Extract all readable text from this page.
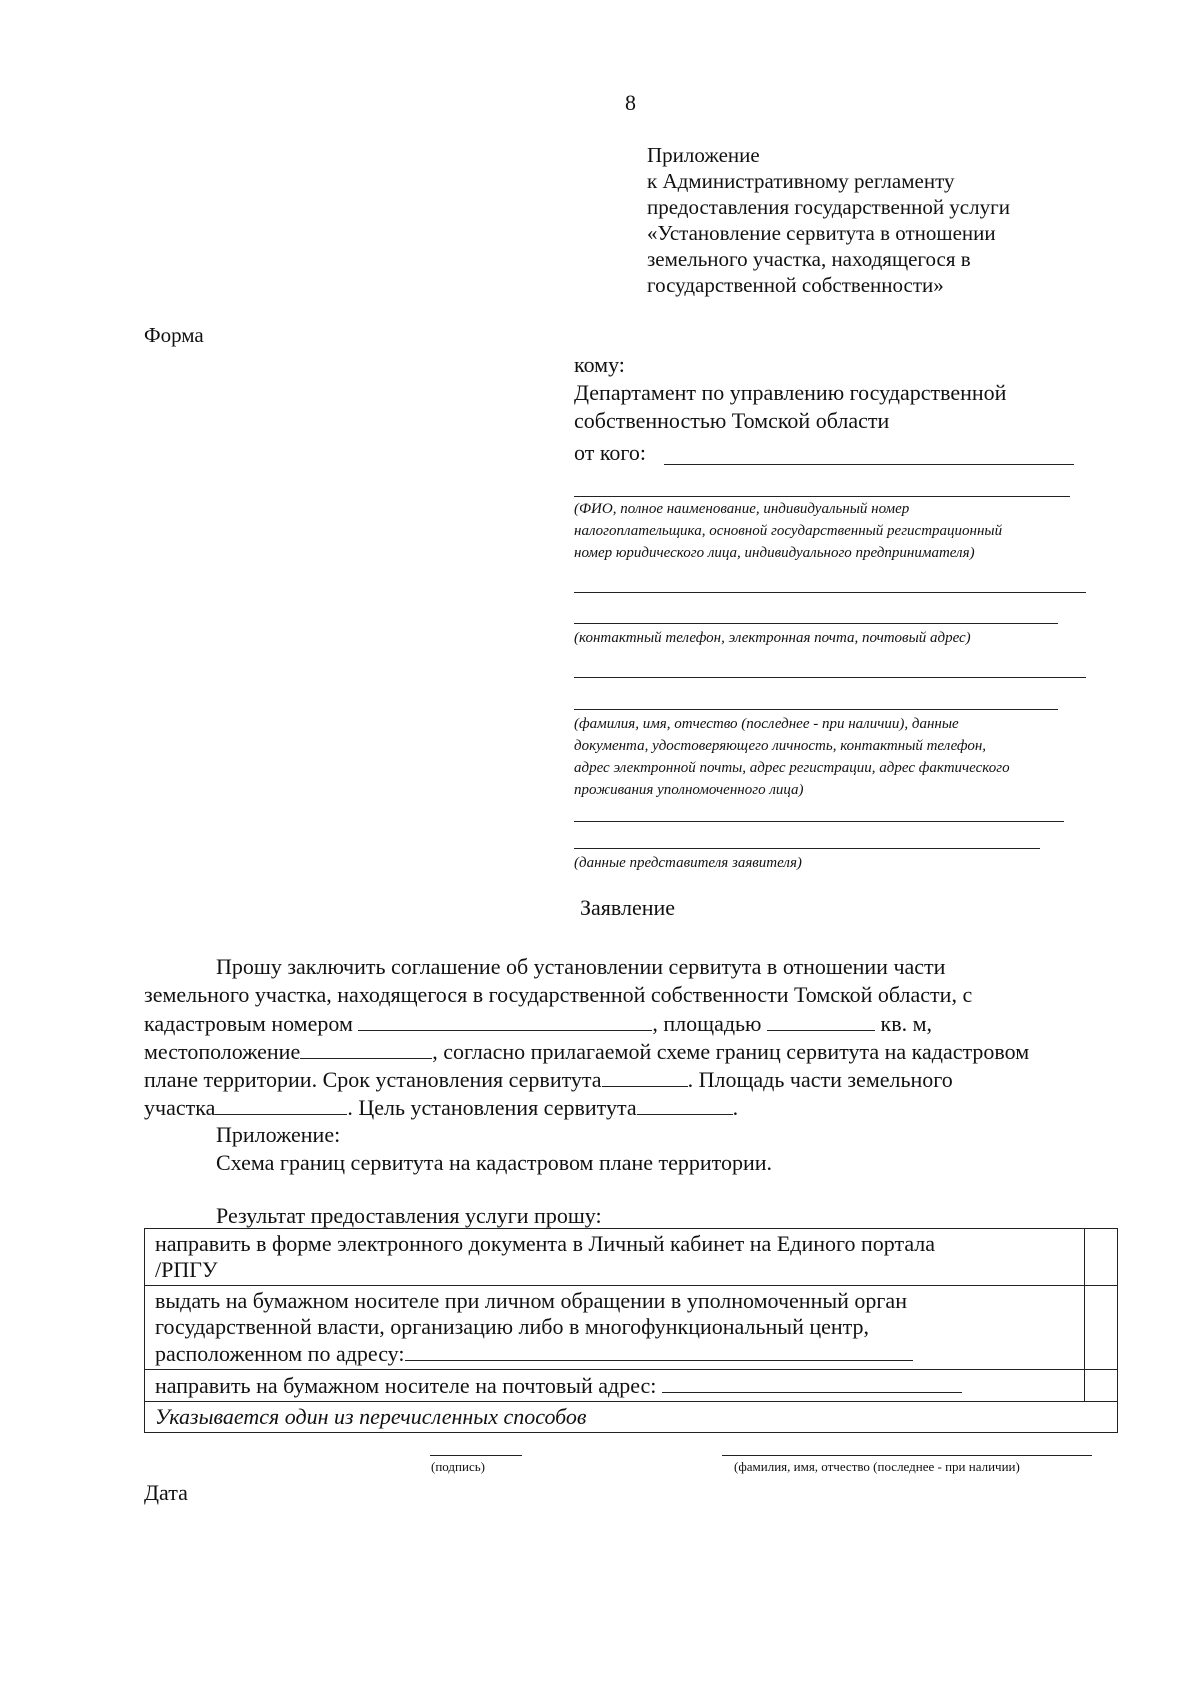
8
Приложение
к Административному регламенту
предоставления государственной услуги
«Установление сервитута в отношении
земельного участка, находящегося в
государственной собственности»
Форма
кому:
Департамент по управлению государственной
собственностью Томской области
от кого:
(ФИО, полное наименование, индивидуальный номер
налогоплательщика, основной государственный регистрационный
номер юридического лица, индивидуального предпринимателя)
(контактный телефон, электронная почта, почтовый адрес)
(фамилия, имя, отчество (последнее - при наличии), данные
документа, удостоверяющего личность, контактный телефон,
адрес электронной почты, адрес регистрации, адрес фактического
проживания уполномоченного лица)
(данные представителя заявителя)
Заявление
Прошу заключить соглашение об установлении сервитута в отношении части
земельного участка, находящегося в государственной собственности Томской области, с
кадастровым номером	, площадью	кв. м,
местоположение	, согласно прилагаемой схеме границ сервитута на кадастровом
плане территории. Срок установления сервитута	. Площадь части земельного
участка	. Цель установления сервитута	.
Приложение:
Схема границ сервитута на кадастровом плане территории.
Результат предоставления услуги прошу:
направить в форме электронного документа в Личный кабинет на Единого портала
/РПГУ	

выдать на бумажном носителе при личном обращении в уполномоченный орган
государственной власти, организацию либо в многофункциональный центр,
расположенном по адресу:	

направить на бумажном носителе на почтовый адрес:	
Указывается один из перечисленных способов	
(подпись)	(фамилия, имя, отчество (последнее - при наличии)
Дата
